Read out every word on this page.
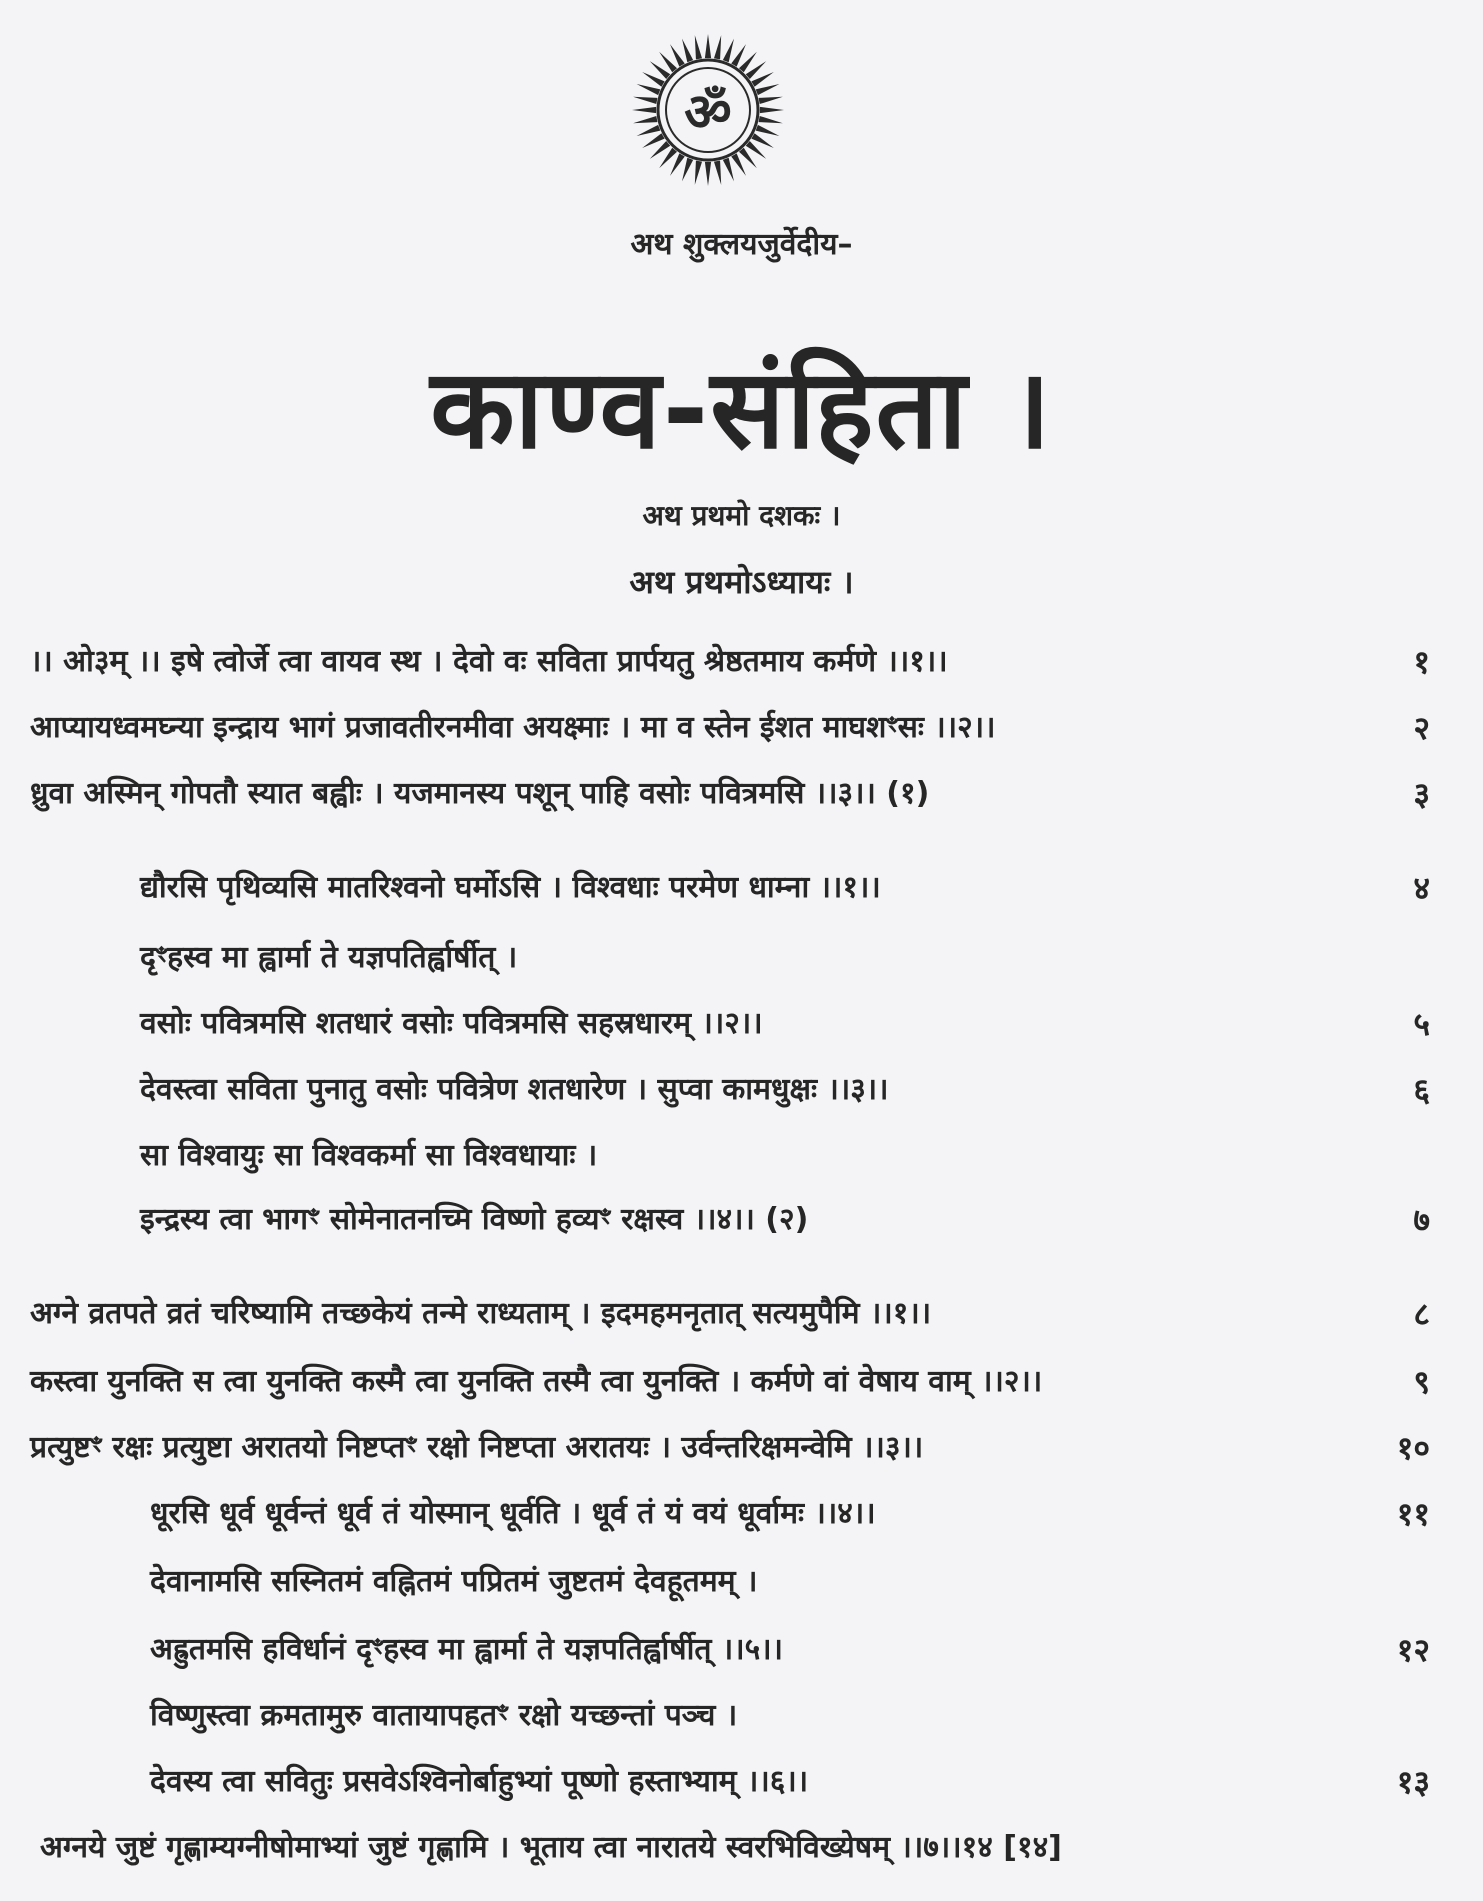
ॐ
अथ शुक्लयजुर्वेदीय–
काण्व-संहिता ।
अथ प्रथमो दशकः ।
अथ प्रथमोऽध्यायः ।
।। ओ३म् ।। इषे त्वोर्जे त्वा वायव स्थ । देवो वः सविता प्रार्पयतु श्रेष्ठतमाय कर्मणे ।।१।।	१
आप्यायध्वमघ्न्या इन्द्राय भागं प्रजावतीरनमीवा अयक्ष्माः । मा व स्तेन ईशत माघशꣳसः ।।२।।	२
ध्रुवा अस्मिन् गोपतौ स्यात बह्वीः । यजमानस्य पशून् पाहि वसोः पवित्रमसि ।।३।। (१)	३
द्यौरसि पृथिव्यसि मातरिश्वनो घर्मोऽसि । विश्वधाः परमेण धाम्ना ।।१।।	४
दृꣳहस्व मा ह्वार्मा ते यज्ञपतिर्ह्वार्षीत् ।
वसोः पवित्रमसि शतधारं वसोः पवित्रमसि सहस्रधारम् ।।२।।	५
देवस्त्वा सविता पुनातु वसोः पवित्रेण शतधारेण । सुप्वा कामधुक्षः ।।३।।	६
सा विश्वायुः सा विश्वकर्मा सा विश्वधायाः ।
इन्द्रस्य त्वा भागꣳ सोमेनातनच्मि विष्णो हव्यꣳ रक्षस्व ।।४।। (२)	७
अग्ने व्रतपते व्रतं चरिष्यामि तच्छकेयं तन्मे राध्यताम् । इदमहमनृतात् सत्यमुपैमि ।।१।।	८
कस्त्वा युनक्ति स त्वा युनक्ति कस्मै त्वा युनक्ति तस्मै त्वा युनक्ति । कर्मणे वां वेषाय वाम् ।।२।।	९
प्रत्युष्टꣳ रक्षः प्रत्युष्टा अरातयो निष्टप्तꣳ रक्षो निष्टप्ता अरातयः । उर्वन्तरिक्षमन्वेमि ।।३।।	१०
धूरसि धूर्व धूर्वन्तं धूर्व तं योस्मान् धूर्वति । धूर्व तं यं वयं धूर्वामः ।।४।।	११
देवानामसि सस्नितमं वह्नितमं पप्रितमं जुष्टतमं देवहूतमम् ।
अह्रुतमसि हविर्धानं दृꣳहस्व मा ह्वार्मा ते यज्ञपतिर्ह्वार्षीत् ।।५।।	१२
विष्णुस्त्वा क्रमतामुरु वातायापहतꣳ रक्षो यच्छन्तां पञ्च ।
देवस्य त्वा सवितुः प्रसवेऽश्विनोर्बाहुभ्यां पूष्णो हस्ताभ्याम् ।।६।।	१३
अग्नये जुष्टं गृह्णाम्यग्नीषोमाभ्यां जुष्टं गृह्णामि । भूताय त्वा नारातये स्वरभिविख्येषम् ।।७।।१४ [१४]
